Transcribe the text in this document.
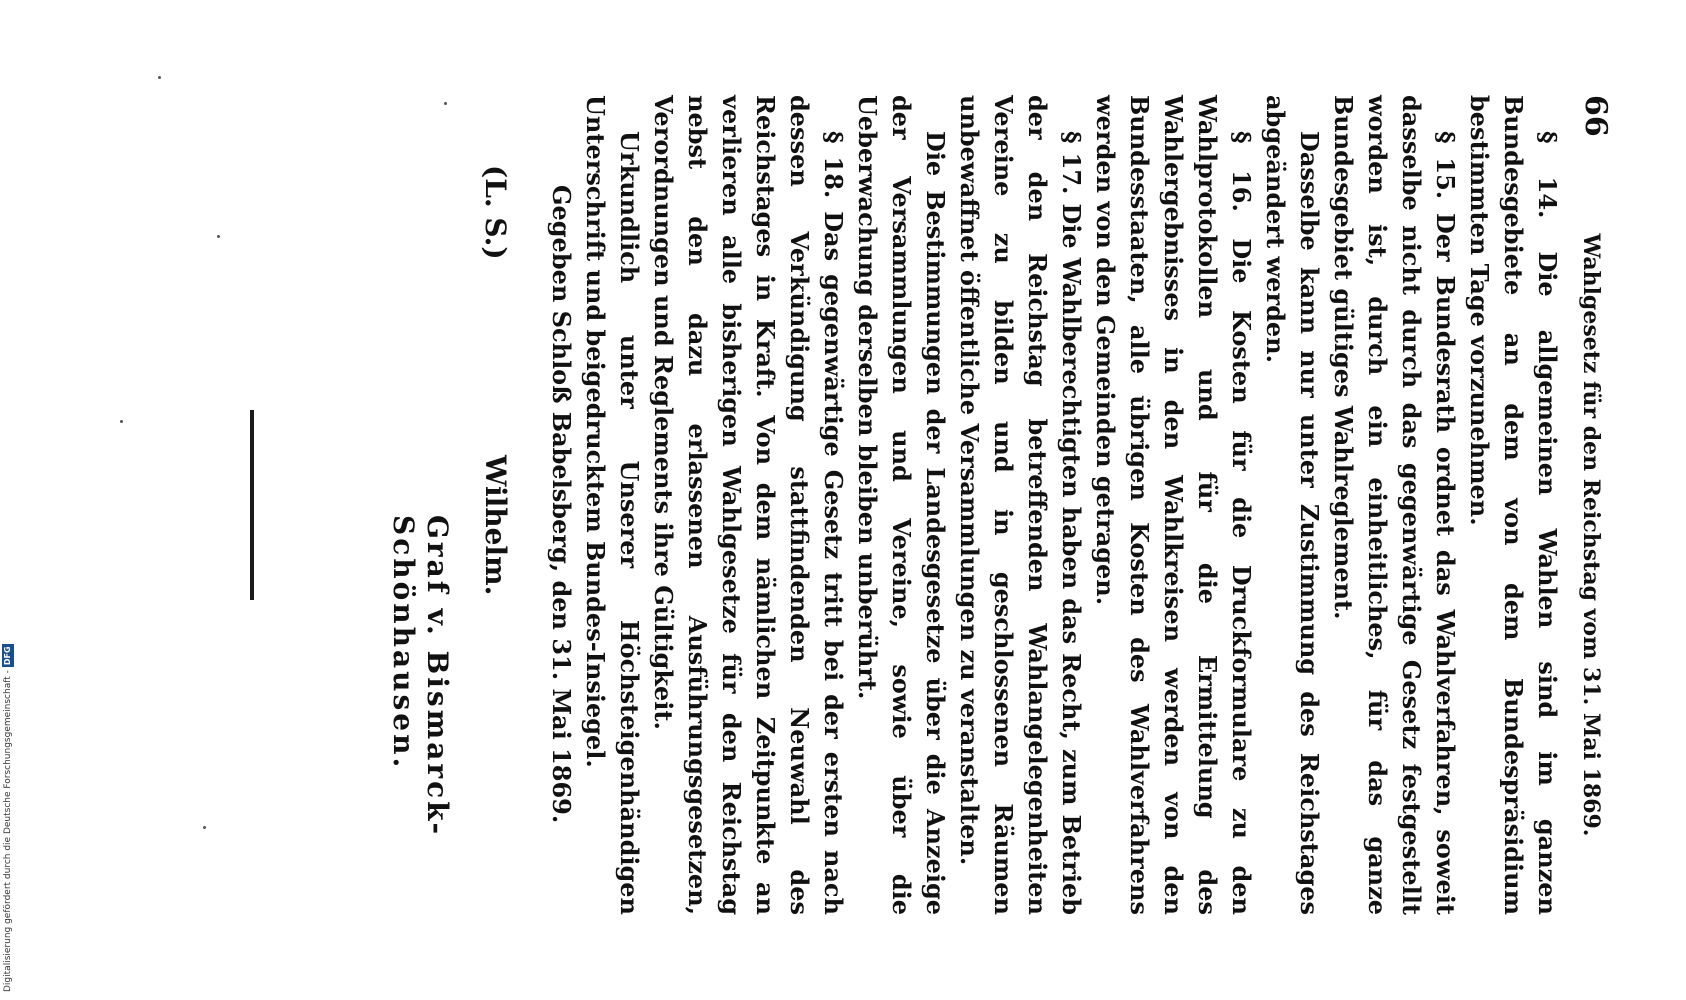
66
Wahlgesetz für den Reichstag vom 31. Mai 1869.

§ 14. Die allgemeinen Wahlen sind im ganzen Bundesgebiete an dem von dem Bundespräsidium bestimmten Tage vorzunehmen.

§ 15. Der Bundesrath ordnet das Wahlverfahren, soweit dasselbe nicht durch das gegenwärtige Gesetz festgestellt worden ist, durch ein einheitliches, für das ganze Bundesgebiet gültiges Wahlreglement.

Dasselbe kann nur unter Zustimmung des Reichstages abgeändert werden.

§ 16. Die Kosten für die Druckformulare zu den Wahlprotokollen und für die Ermittelung des Wahlergebnisses in den Wahlkreisen werden von den Bundesstaaten, alle übrigen Kosten des Wahlverfahrens werden von den Gemeinden getragen.

§ 17. Die Wahlberechtigten haben das Recht, zum Betrieb der den Reichstag betreffenden Wahlangelegenheiten Vereine zu bilden und in geschlossenen Räumen unbewaffnet öffentliche Versammlungen zu veranstalten.

Die Bestimmungen der Landesgesetze über die Anzeige der Versammlungen und Vereine, sowie über die Ueberwachung derselben bleiben unberührt.

§ 18. Das gegenwärtige Gesetz tritt bei der ersten nach dessen Verkündigung stattfindenden Neuwahl des Reichstages in Kraft. Von dem nämlichen Zeitpunkte an verlieren alle bisherigen Wahlgesetze für den Reichstag nebst den dazu erlassenen Ausführungsgesetzen, Verordnungen und Reglements ihre Gültigkeit.

Urkundlich unter Unserer Höchsteigenhändigen Unterschrift und beigedrucktem Bundes-Insiegel.

Gegeben Schloß Babelsberg, den 31. Mai 1869.

(L. S.)
Wilhelm.
Graf v. Bismarck-Schönhausen.
Digitalisierung gefördert durch die Deutsche Forschungsgemeinschaft -
DFG
